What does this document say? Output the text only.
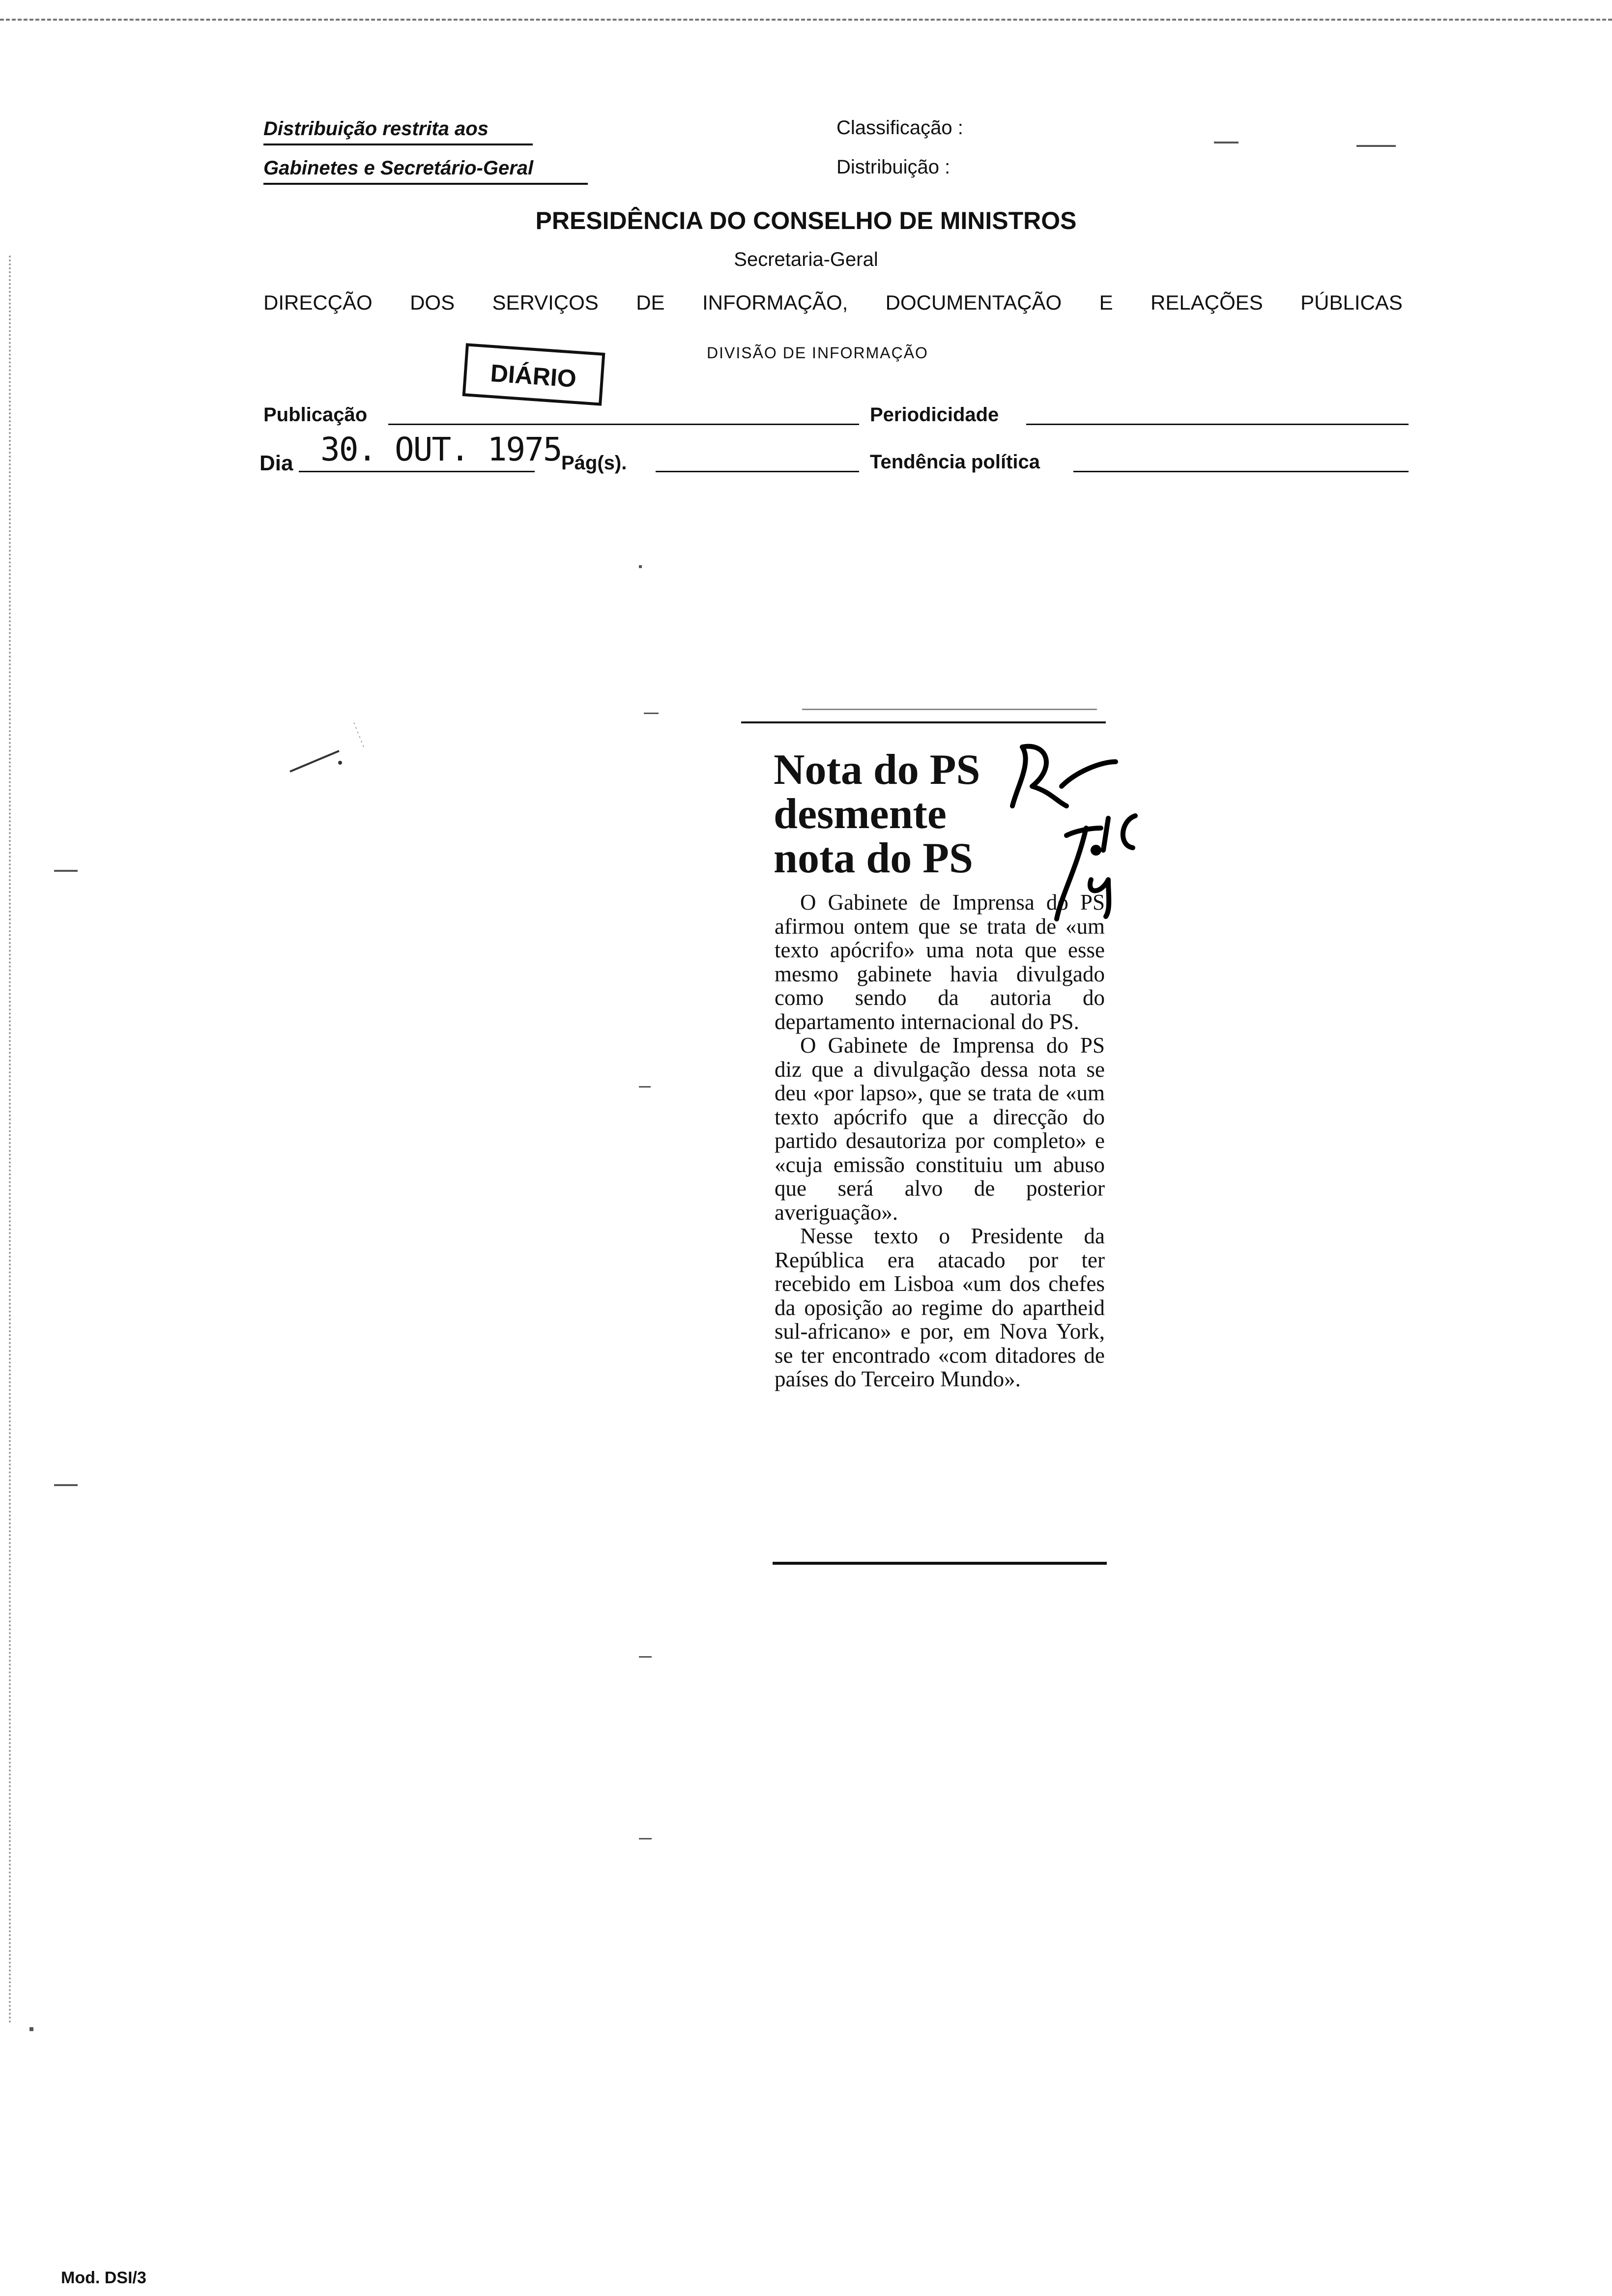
Distribuição restrita aos
Gabinetes e Secretário-Geral
Classificação :
Distribuição :
PRESIDÊNCIA DO CONSELHO DE MINISTROS
Secretaria-Geral
DIRECÇÃO DOS SERVIÇOS DE INFORMAÇÃO, DOCUMENTAÇÃO E RELAÇÕES PÚBLICAS
DIVISÃO DE INFORMAÇÃO
DIÁRIO
Publicação	Periodicidade
Dia 30. OUT. 1975 Pág(s).	Tendência política
Nota do PS
desmente
nota do PS

O Gabinete de Imprensa do PS afirmou ontem que se trata de «um texto apócrifo» uma nota que esse mesmo gabinete havia divulgado como sendo da autoria do departamento internacional do PS.

O Gabinete de Imprensa do PS diz que a divulgação dessa nota se deu «por lapso», que se trata de «um texto apócrifo que a direcção do partido desautoriza por completo» e «cuja emissão constituiu um abuso que será alvo de posterior averiguação».

Nesse texto o Presidente da República era atacado por ter recebido em Lisboa «um dos chefes da oposição ao regime do apartheid sul-africano» e por, em Nova York, se ter encontrado «com ditadores de países do Terceiro Mundo».

Mod. DSI/3
